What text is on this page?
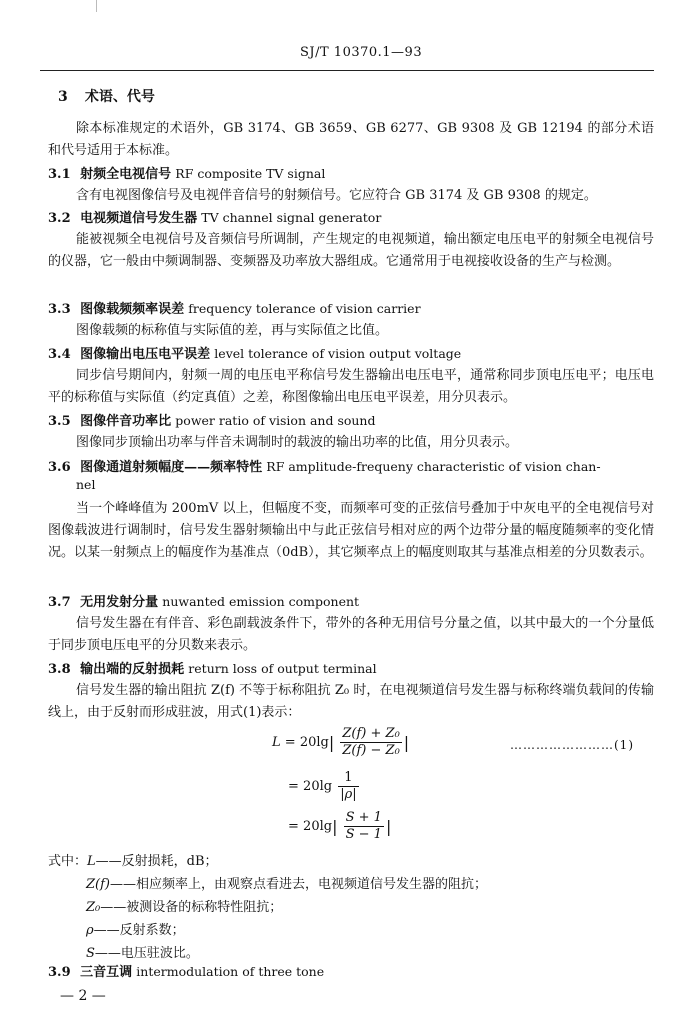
SJ/T 10370.1—93
3 术语、代号
除本标准规定的术语外，GB 3174、GB 3659、GB 6277、GB 9308 及 GB 12194 的部分术语和代号适用于本标准。
3.1 射频全电视信号 RF composite TV signal
含有电视图像信号及电视伴音信号的射频信号。它应符合 GB 3174 及 GB 9308 的规定。
3.2 电视频道信号发生器 TV channel signal generator
能被视频全电视信号及音频信号所调制，产生规定的电视频道，输出额定电压电平的射频全电视信号的仪器，它一般由中频调制器、变频器及功率放大器组成。它通常用于电视接收设备的生产与检测。
3.3 图像载频频率误差 frequency tolerance of vision carrier
图像载频的标称值与实际值的差，再与实际值之比值。
3.4 图像输出电压电平误差 level tolerance of vision output voltage
同步信号期间内，射频一周的电压电平称信号发生器输出电压电平，通常称同步顶电压电平；电压电平的标称值与实际值（约定真值）之差，称图像输出电压电平误差，用分贝表示。
3.5 图像伴音功率比 power ratio of vision and sound
图像同步顶输出功率与伴音未调制时的载波的输出功率的比值，用分贝表示。
3.6 图像通道射频幅度——频率特性 RF amplitude-frequeny characteristic of vision chan-
nel
当一个峰峰值为 200mV 以上，但幅度不变，而频率可变的正弦信号叠加于中灰电平的全电视信号对图像载波进行调制时，信号发生器射频输出中与此正弦信号相对应的两个边带分量的幅度随频率的变化情况。以某一射频点上的幅度作为基准点（0dB），其它频率点上的幅度则取其与基准点相差的分贝数表示。
3.7 无用发射分量 nuwanted emission component
信号发生器在有伴音、彩色副载波条件下，带外的各种无用信号分量之值，以其中最大的一个分量低于同步顶电压电平的分贝数来表示。
3.8 输出端的反射损耗 return loss of output terminal
信号发生器的输出阻抗 Z(f) 不等于标称阻抗 Z₀ 时，在电视频道信号发生器与标称终端负载间的传输线上，由于反射而形成驻波，用式(1)表示：
$L = 20\lg| \frac{\text{Z(f) + Z₀}}{\text{Z(f) − Z₀}}$ |	……………………(1)
= $20\lg \frac{1}{|\rho|}$
= $20\lg| \frac{S + 1}{S - 1}$ |
式中：L——反射损耗，dB；
Z(f)——相应频率上，由观察点看进去，电视频道信号发生器的阻抗；
Z₀——被测设备的标称特性阻抗；
ρ——反射系数；
S——电压驻波比。
3.9 三音互调 intermodulation of three tone
— 2 —
